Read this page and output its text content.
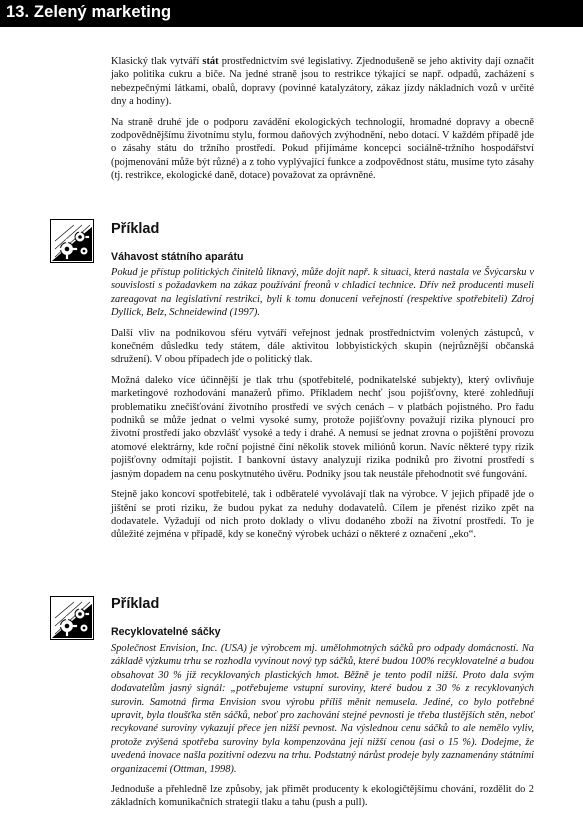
13. Zelený marketing

Klasický tlak vytváří stát prostřednictvím své legislativy. Zjednodušeně se jeho aktivity dají označit jako politika cukru a biče. Na jedné straně jsou to restrikce týkající se např. odpadů, zacházení s nebezpečnými látkami, obalů, dopravy (povinné katalyzátory, zákaz jízdy nákladních vozů v určité dny a hodiny).

Na straně druhé jde o podporu zavádění ekologických technologií, hromadné dopravy a obecně zodpovědnějšímu životnímu stylu, formou daňových zvýhodnění, nebo dotací. V každém případě jde o zásahy státu do tržního prostředí. Pokud přijímáme koncepci sociálně-tržního hospodářství (pojmenování může být různé) a z toho vyplývající funkce a zodpovědnost státu, musíme tyto zásahy (tj. restrikce, ekologické daně, dotace) považovat za oprávněné.

Příklad
Váhavost státního aparátu

Pokud je přístup politických činitelů liknavý, může dojít např. k situaci, která nastala ve Švýcarsku v souvislosti s požadavkem na zákaz používání freonů v chladicí technice. Dřív než producenti museli zareagovat na legislativní restrikci, byli k tomu donuceni veřejností (respektive spotřebiteli) Zdroj Dyllick, Belz, Schneidewind (1997).

Další vliv na podnikovou sféru vytváří veřejnost jednak prostřednictvím volených zástupců, v konečném důsledku tedy státem, dále aktivitou lobbyistických skupin (nejrůznější občanská sdružení). V obou případech jde o politický tlak.

Možná daleko více účinnější je tlak trhu (spotřebitelé, podnikatelské subjekty), který ovlivňuje marketingové rozhodování manažerů přímo. Příkladem nechť jsou pojišťovny, které zohledňují problematiku znečišťování životního prostředí ve svých cenách – v platbách pojistného. Pro řadu podniků se může jednat o velmi vysoké sumy, protože pojišťovny považují rizika plynoucí pro životní prostředí jako obzvlášť vysoké a tedy i drahé. A nemusí se jednat zrovna o pojištění provozu atomové elektrárny, kde roční pojistné činí několik stovek miliónů korun. Navíc některé typy rizik pojišťovny odmítají pojistit. I bankovní ústavy analyzují rizika podniků pro životní prostředí s jasným dopadem na cenu poskytnutého úvěru. Podniky jsou tak neustále přehodnotit své fungování.

Stejně jako koncoví spotřebitelé, tak i odběratelé vyvolávají tlak na výrobce. V jejich případě jde o jištění se proti riziku, že budou pykat za neduhy dodavatelů. Cílem je přenést riziko zpět na dodavatele. Vyžadují od nich proto doklady o vlivu dodaného zboží na životní prostředí. To je důležité zejména v případě, kdy se konečný výrobek uchází o některé z označení „eko“.

Příklad
Recyklovatelné sáčky

Společnost Envision, Inc. (USA) je výrobcem mj. umělohmotných sáčků pro odpady domácností. Na základě výzkumu trhu se rozhodla vyvinout nový typ sáčků, které budou 100% recyklovatelné a budou obsahovat 30 % již recyklovaných plastických hmot. Běžně je tento podíl nižší. Proto dala svým dodavatelům jasný signál: „potřebujeme vstupní suroviny, které budou z 30 % z recyklovaných surovin. Samotná firma Envision svou výrobu příliš měnit nemusela. Jediné, co bylo potřebné upravit, byla tloušťka stěn sáčků, neboť pro zachování stejné pevnosti je třeba tlustějších stěn, neboť recykované suroviny vykazují přece jen nižší pevnost. Na výslednou cenu sáčků to ale nemělo vyliv, protože zvýšená spotřeba suroviny byla kompenzována její nižší cenou (asi o 15 %). Dodejme, že uvedená inovace našla pozitivní odezvu na trhu. Podstatný nárůst prodeje byly zaznamenány státními organizacemi (Ottman, 1998).

Jednoduše a přehledně lze způsoby, jak přimět producenty k ekologičtějšímu chování, rozdělit do 2 základních komunikačních strategií tlaku a tahu (push a pull).
